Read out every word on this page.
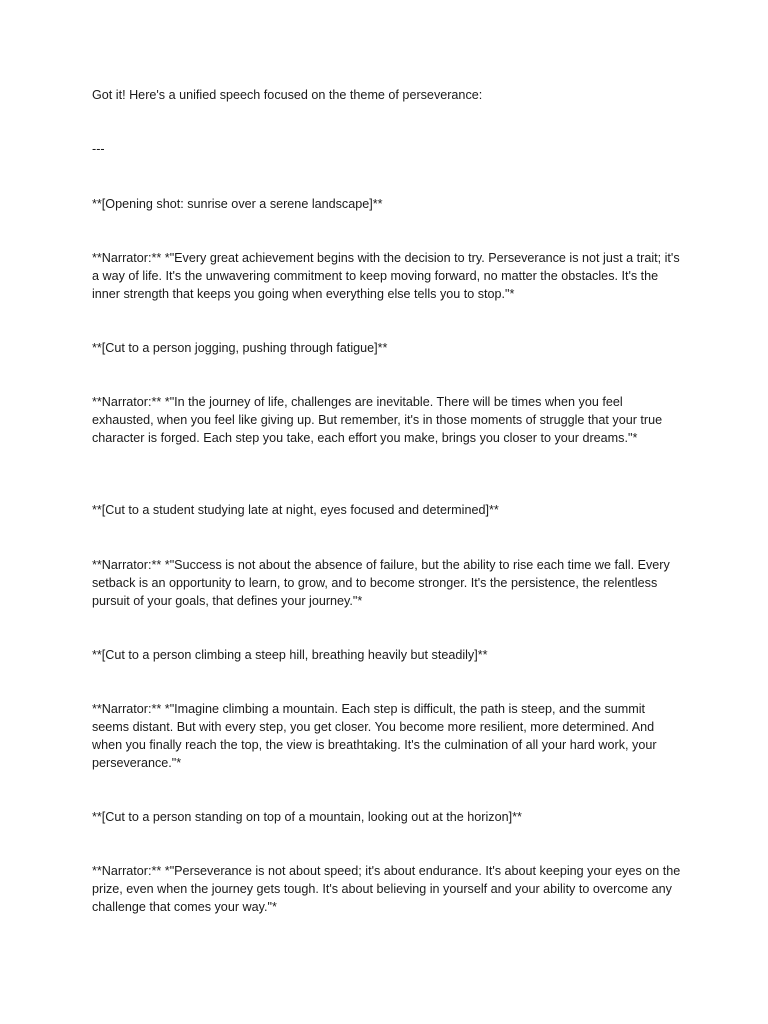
Got it! Here's a unified speech focused on the theme of perseverance:

---

**[Opening shot: sunrise over a serene landscape]**

**Narrator:** *"Every great achievement begins with the decision to try. Perseverance is not just a trait; it's a way of life. It's the unwavering commitment to keep moving forward, no matter the obstacles. It's the inner strength that keeps you going when everything else tells you to stop."*

**[Cut to a person jogging, pushing through fatigue]**

**Narrator:** *"In the journey of life, challenges are inevitable. There will be times when you feel exhausted, when you feel like giving up. But remember, it's in those moments of struggle that your true character is forged. Each step you take, each effort you make, brings you closer to your dreams."*

**[Cut to a student studying late at night, eyes focused and determined]**

**Narrator:** *"Success is not about the absence of failure, but the ability to rise each time we fall. Every setback is an opportunity to learn, to grow, and to become stronger. It's the persistence, the relentless pursuit of your goals, that defines your journey."*

**[Cut to a person climbing a steep hill, breathing heavily but steadily]**

**Narrator:** *"Imagine climbing a mountain. Each step is difficult, the path is steep, and the summit seems distant. But with every step, you get closer. You become more resilient, more determined. And when you finally reach the top, the view is breathtaking. It's the culmination of all your hard work, your perseverance."*

**[Cut to a person standing on top of a mountain, looking out at the horizon]**

**Narrator:** *"Perseverance is not about speed; it's about endurance. It's about keeping your eyes on the prize, even when the journey gets tough. It's about believing in yourself and your ability to overcome any challenge that comes your way."*
